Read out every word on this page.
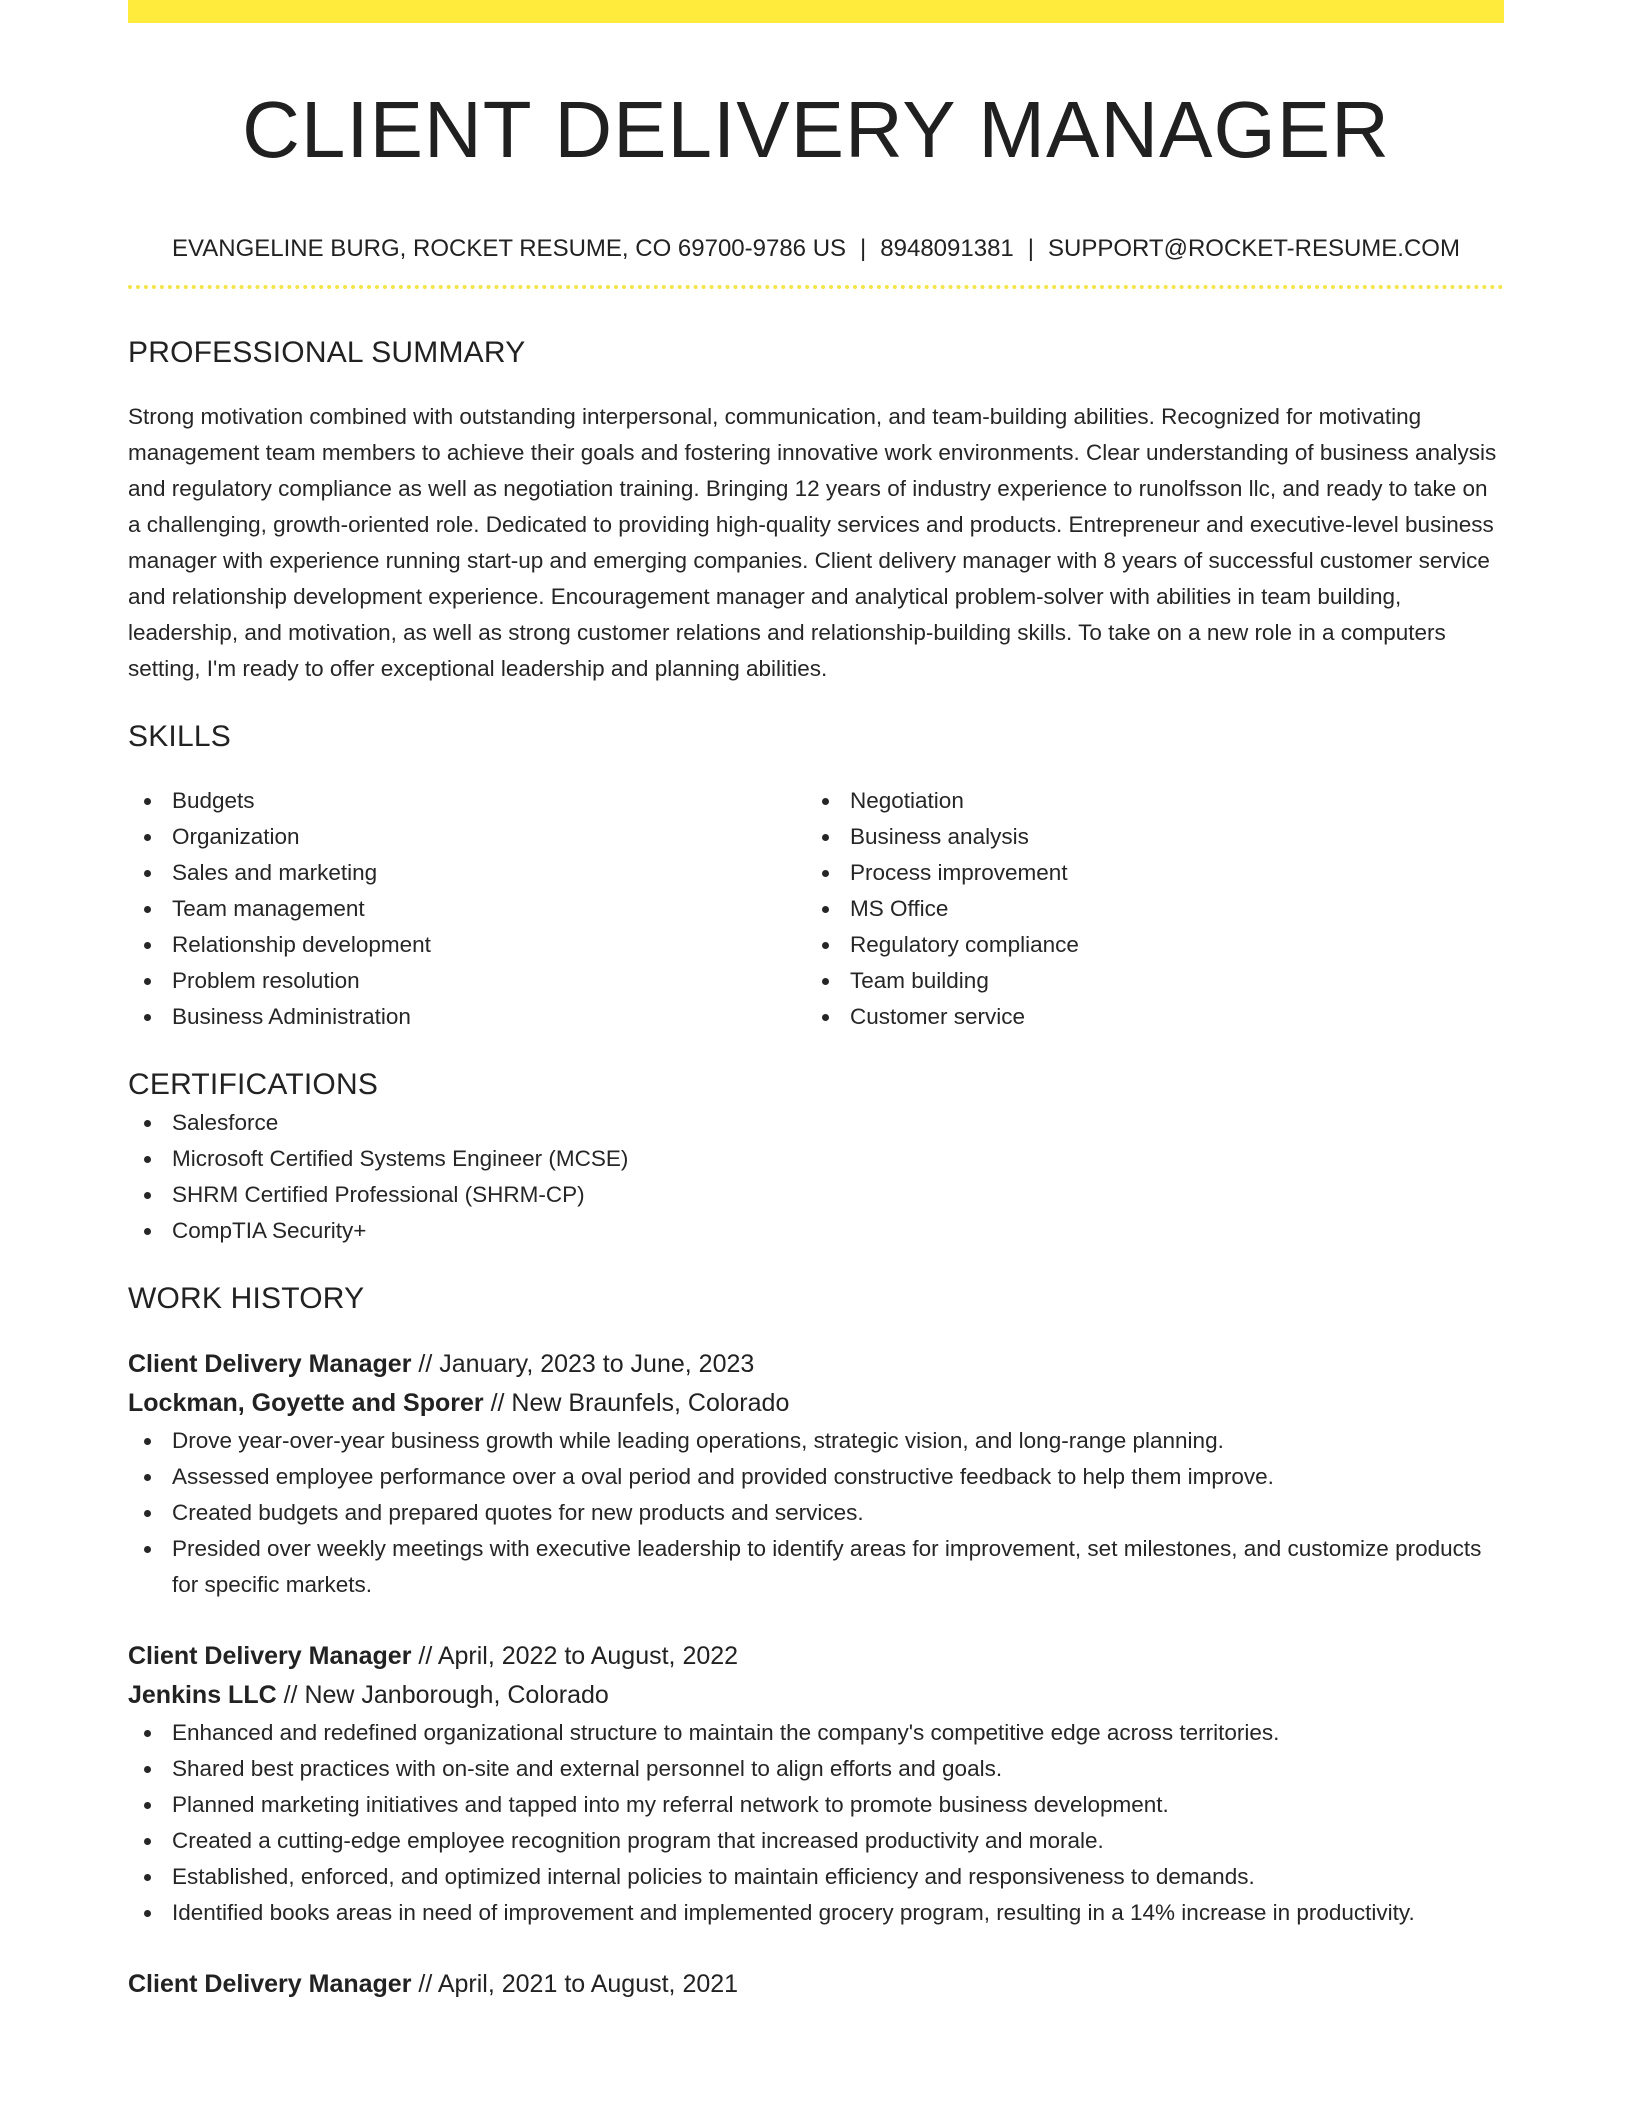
CLIENT DELIVERY MANAGER
EVANGELINE BURG, ROCKET RESUME, CO 69700-9786 US | 8948091381 | SUPPORT@ROCKET-RESUME.COM
PROFESSIONAL SUMMARY
Strong motivation combined with outstanding interpersonal, communication, and team-building abilities. Recognized for motivating management team members to achieve their goals and fostering innovative work environments. Clear understanding of business analysis and regulatory compliance as well as negotiation training. Bringing 12 years of industry experience to runolfsson llc, and ready to take on a challenging, growth-oriented role. Dedicated to providing high-quality services and products. Entrepreneur and executive-level business manager with experience running start-up and emerging companies. Client delivery manager with 8 years of successful customer service and relationship development experience. Encouragement manager and analytical problem-solver with abilities in team building, leadership, and motivation, as well as strong customer relations and relationship-building skills. To take on a new role in a computers setting, I'm ready to offer exceptional leadership and planning abilities.
SKILLS
Budgets
Organization
Sales and marketing
Team management
Relationship development
Problem resolution
Business Administration
Negotiation
Business analysis
Process improvement
MS Office
Regulatory compliance
Team building
Customer service
CERTIFICATIONS
Salesforce
Microsoft Certified Systems Engineer (MCSE)
SHRM Certified Professional (SHRM-CP)
CompTIA Security+
WORK HISTORY
Client Delivery Manager // January, 2023 to June, 2023
Lockman, Goyette and Sporer // New Braunfels, Colorado
Drove year-over-year business growth while leading operations, strategic vision, and long-range planning.
Assessed employee performance over a oval period and provided constructive feedback to help them improve.
Created budgets and prepared quotes for new products and services.
Presided over weekly meetings with executive leadership to identify areas for improvement, set milestones, and customize products for specific markets.
Client Delivery Manager // April, 2022 to August, 2022
Jenkins LLC // New Janborough, Colorado
Enhanced and redefined organizational structure to maintain the company's competitive edge across territories.
Shared best practices with on-site and external personnel to align efforts and goals.
Planned marketing initiatives and tapped into my referral network to promote business development.
Created a cutting-edge employee recognition program that increased productivity and morale.
Established, enforced, and optimized internal policies to maintain efficiency and responsiveness to demands.
Identified books areas in need of improvement and implemented grocery program, resulting in a 14% increase in productivity.
Client Delivery Manager // April, 2021 to August, 2021
